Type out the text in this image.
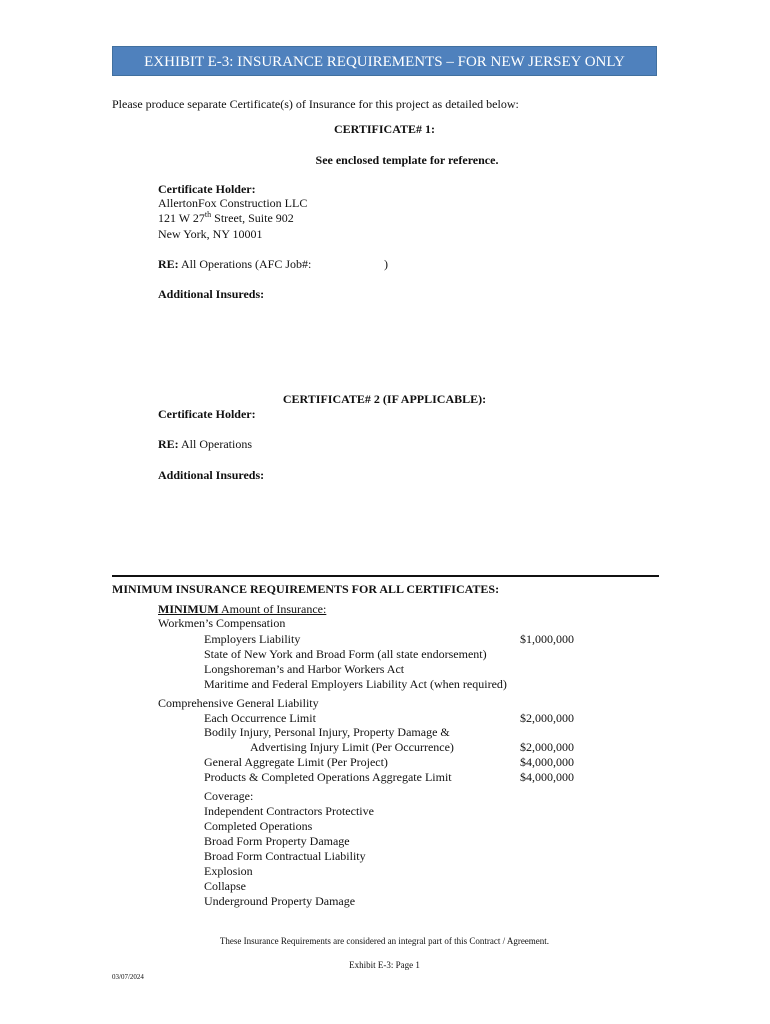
EXHIBIT E-3: INSURANCE REQUIREMENTS – FOR NEW JERSEY ONLY
Please produce separate Certificate(s) of Insurance for this project as detailed below:
CERTIFICATE# 1:
See enclosed template for reference.
Certificate Holder:
AllertonFox Construction LLC
121 W 27th Street, Suite 902
New York, NY 10001
RE: All Operations (AFC Job#:	)
Additional Insureds:
CERTIFICATE# 2 (IF APPLICABLE):
Certificate Holder:
RE: All Operations
Additional Insureds:
MINIMUM INSURANCE REQUIREMENTS FOR ALL CERTIFICATES:
MINIMUM Amount of Insurance:
Workmen’s Compensation
Employers Liability	$1,000,000
State of New York and Broad Form (all state endorsement)
Longshoreman’s and Harbor Workers Act
Maritime and Federal Employers Liability Act (when required)
Comprehensive General Liability
Each Occurrence Limit	$2,000,000
Bodily Injury, Personal Injury, Property Damage &
Advertising Injury Limit (Per Occurrence)	$2,000,000
General Aggregate Limit (Per Project)	$4,000,000
Products & Completed Operations Aggregate Limit	$4,000,000
Coverage:
Independent Contractors Protective
Completed Operations
Broad Form Property Damage
Broad Form Contractual Liability
Explosion
Collapse
Underground Property Damage
These Insurance Requirements are considered an integral part of this Contract / Agreement.
Exhibit E-3: Page 1
03/07/2024
